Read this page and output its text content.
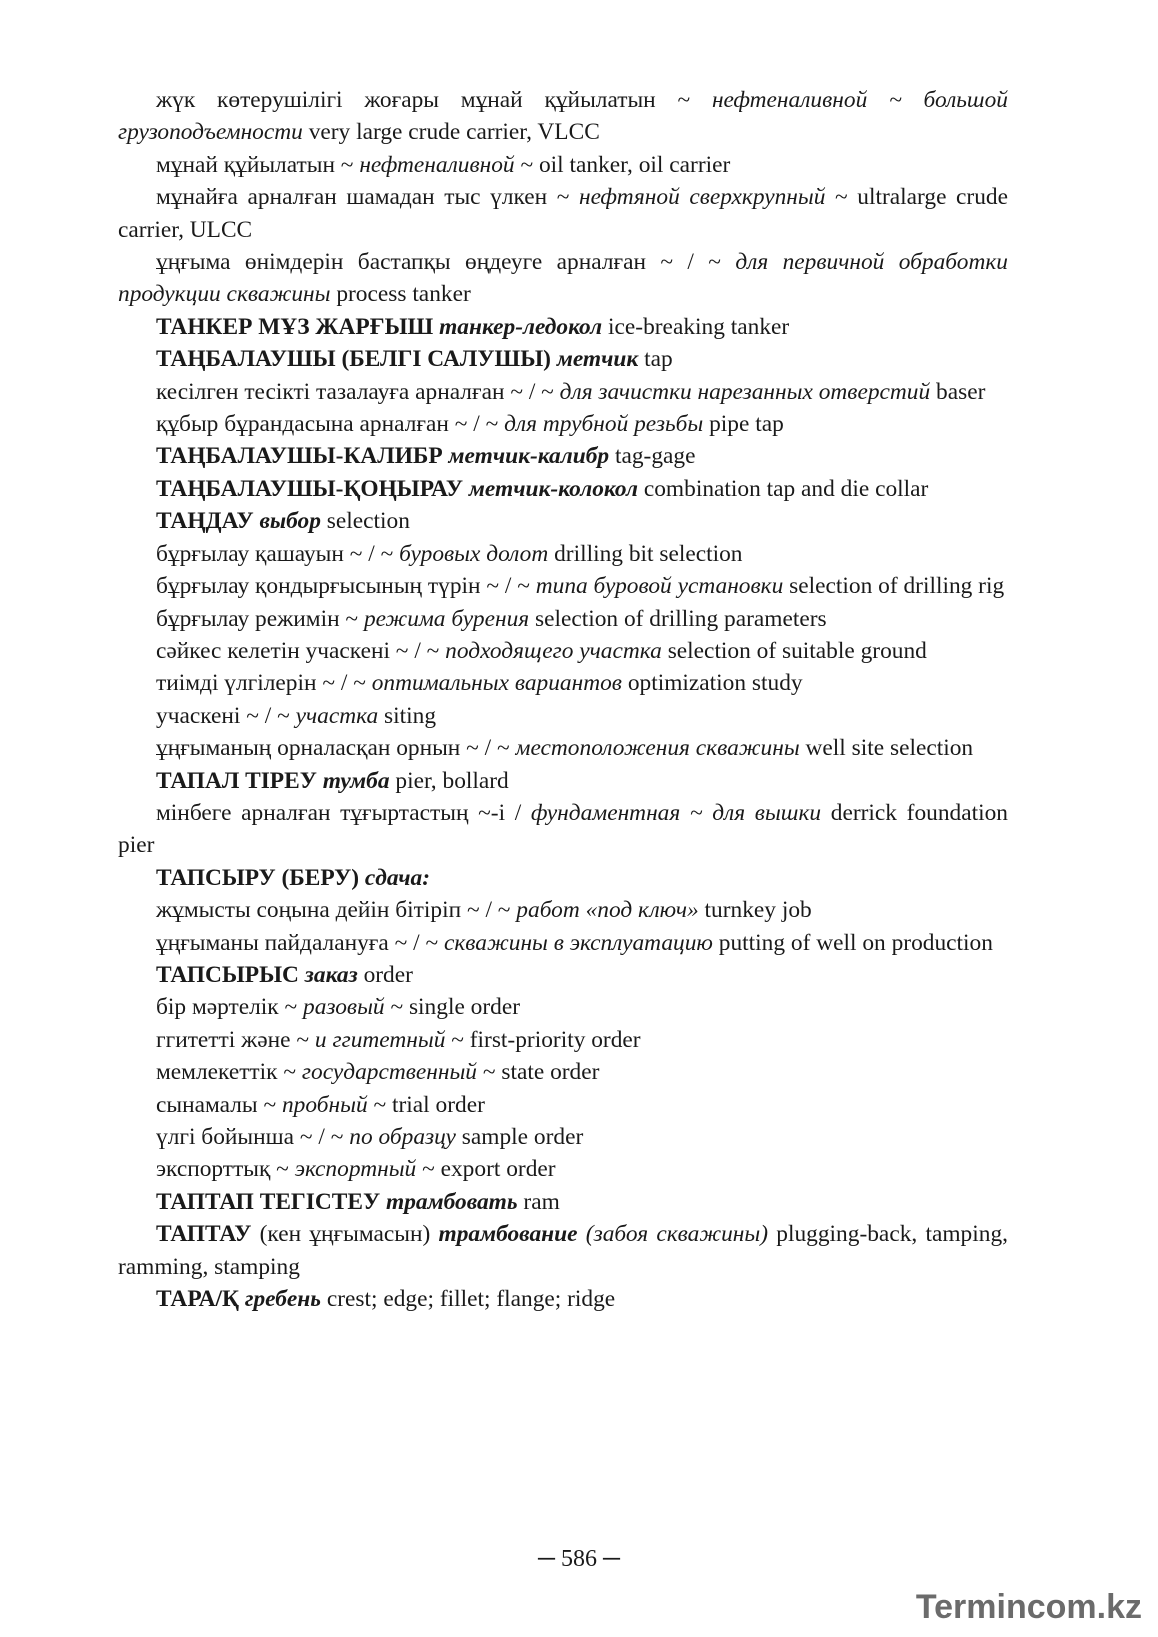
жүк көтерушілігі жоғары мұнай құйылатын ~ нефтеналивной ~ большой грузоподъемности very large crude carrier, VLCC

мұнай құйылатын ~ нефтеналивной ~ oil tanker, oil carrier

мұнайға арналған шамадан тыс үлкен ~ нефтяной сверхкрупный ~ ultralarge crude carrier, ULCC

ұңғыма өнімдерін бастапқы өңдеуге арналған ~ / ~ для первичной обработки продукции скважины process tanker

ТАНКЕР МҰЗ ЖАРҒЫШ танкер-ледокол ice-breaking tanker

ТАҢБАЛАУШЫ (БЕЛГІ САЛУШЫ) метчик tap

кесілген тесікті тазалауға арналған ~ / ~ для зачистки нарезанных отверстий baser

құбыр бұрандасына арналған ~ / ~ для трубной резьбы pipe tap

ТАҢБАЛАУШЫ-КАЛИБР метчик-калибр tag-gage

ТАҢБАЛАУШЫ-ҚОҢЫРАУ метчик-колокол combination tap and die collar

ТАҢДАУ выбор selection

бұрғылау қашауын ~ / ~ буровых долот drilling bit selection

бұрғылау қондырғысының түрін ~ / ~ типа буровой установки selection of drilling rig

бұрғылау режимін ~ режима бурения selection of drilling parameters

сәйкес келетін учаскені ~ / ~ подходящего участка selection of suitable ground

тиімді үлгілерін ~ / ~ оптимальных вариантов optimization study

учаскені ~ / ~ участка siting

ұңғыманың орналасқан орнын ~ / ~ местоположения скважины well site selection

ТАПАЛ ТІРЕУ тумба pier, bollard

мінбеге арналған тұғыртастың ~-і / фундаментная ~ для вышки derrick foundation pier

ТАПСЫРУ (БЕРУ) сдача:

жұмысты соңына дейін бітіріп ~ / ~ работ «под ключ» turnkey job

ұңғыманы пайдалануға ~ / ~ скважины в эксплуатацию putting of well on production

ТАПСЫРЫС заказ order

бір мәртелік ~ разовый ~ single order

ггитетті және ~ и ггитетный ~ first-priority order

мемлекеттік ~ государственный ~ state order

сынамалы ~ пробный ~ trial order

үлгі бойынша ~ / ~ по образцу sample order

экспорттық ~ экспортный ~ export order

ТАПТАП ТЕГІСТЕУ трамбовать ram

ТАПТАУ (кен ұңғымасын) трамбование (забоя скважины) plugging-back, tamping, ramming, stamping

ТАРА/Қ гребень crest; edge; fillet; flange; ridge

─ 586 ─
Termincom.kz
